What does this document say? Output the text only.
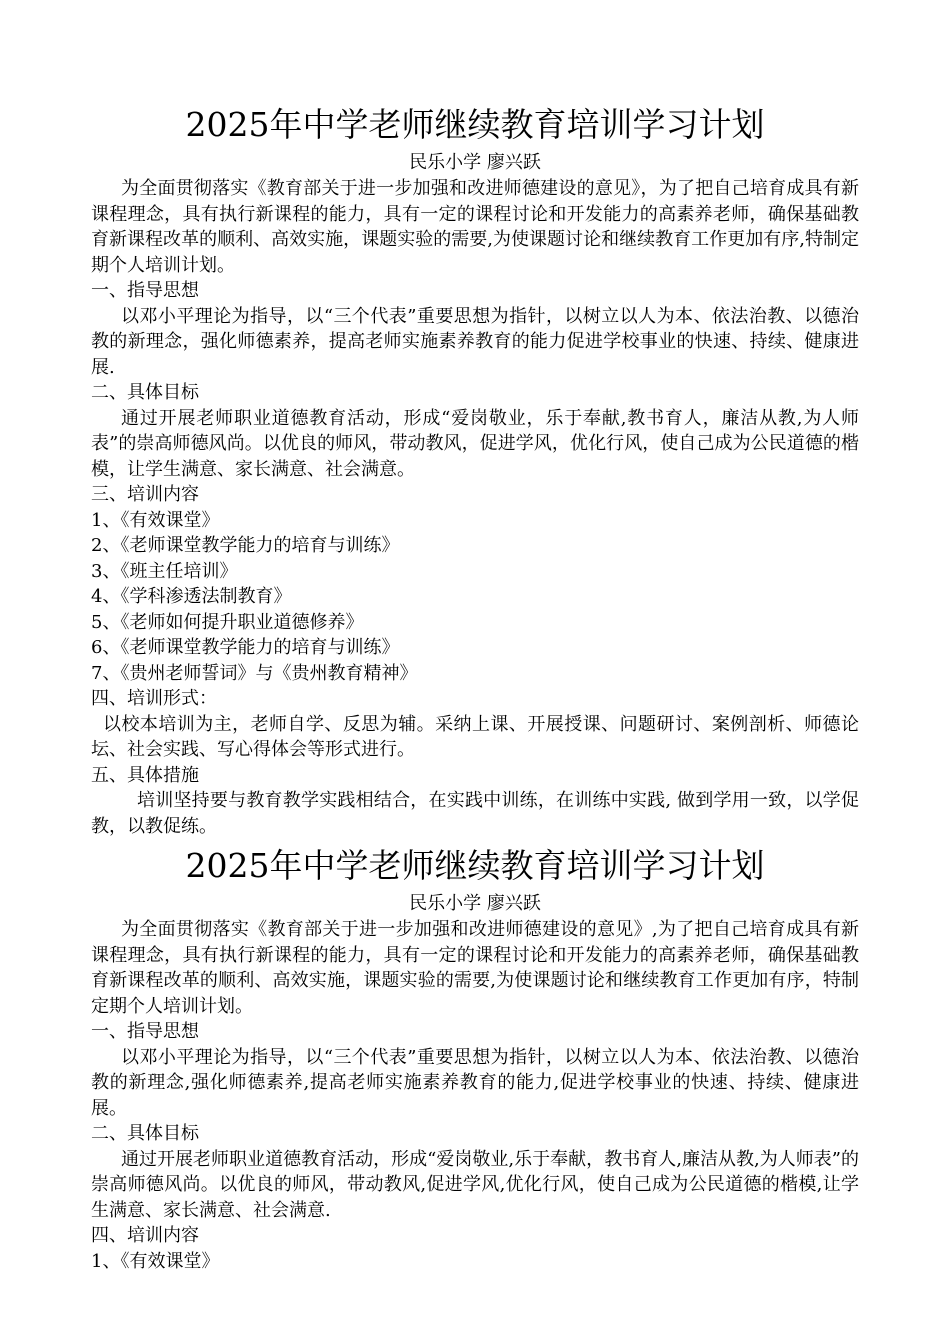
2025年中学老师继续教育培训学习计划

民乐小学 廖兴跃

为全面贯彻落实《教育部关于进一步加强和改进师德建设的意见》，为了把自己培育成具有新课程理念，具有执行新课程的能力，具有一定的课程讨论和开发能力的高素养老师，确保基础教育新课程改革的顺利、高效实施，课题实验的需要,为使课题讨论和继续教育工作更加有序,特制定期个人培训计划。

一、指导思想

以邓小平理论为指导，以“三个代表”重要思想为指针，以树立以人为本、依法治教、以德治教的新理念，强化师德素养，提高老师实施素养教育的能力促进学校事业的快速、持续、健康进展.

二、具体目标

通过开展老师职业道德教育活动，形成“爱岗敬业，乐于奉献,教书育人，廉洁从教,为人师表”的崇高师德风尚。以优良的师风，带动教风，促进学风，优化行风，使自己成为公民道德的楷模，让学生满意、家长满意、社会满意。

三、培训内容

1、《有效课堂》
2、《老师课堂教学能力的培育与训练》
3、《班主任培训》
4、《学科渗透法制教育》
5、《老师如何提升职业道德修养》
6、《老师课堂教学能力的培育与训练》
7、《贵州老师誓词》与《贵州教育精神》

四、培训形式：

以校本培训为主，老师自学、反思为辅。采纳上课、开展授课、问题研讨、案例剖析、师德论坛、社会实践、写心得体会等形式进行。

五、具体措施

培训坚持要与教育教学实践相结合，在实践中训练，在训练中实践, 做到学用一致，以学促教，以教促练。

2025年中学老师继续教育培训学习计划

民乐小学 廖兴跃

为全面贯彻落实《教育部关于进一步加强和改进师德建设的意见》,为了把自己培育成具有新课程理念，具有执行新课程的能力，具有一定的课程讨论和开发能力的高素养老师，确保基础教育新课程改革的顺利、高效实施，课题实验的需要,为使课题讨论和继续教育工作更加有序，特制定期个人培训计划。

一、指导思想

以邓小平理论为指导，以“三个代表”重要思想为指针，以树立以人为本、依法治教、以德治教的新理念,强化师德素养,提高老师实施素养教育的能力,促进学校事业的快速、持续、健康进展。

二、具体目标

通过开展老师职业道德教育活动，形成“爱岗敬业,乐于奉献，教书育人,廉洁从教,为人师表”的崇高师德风尚。以优良的师风，带动教风,促进学风,优化行风，使自己成为公民道德的楷模,让学生满意、家长满意、社会满意.

四、培训内容

1、《有效课堂》
